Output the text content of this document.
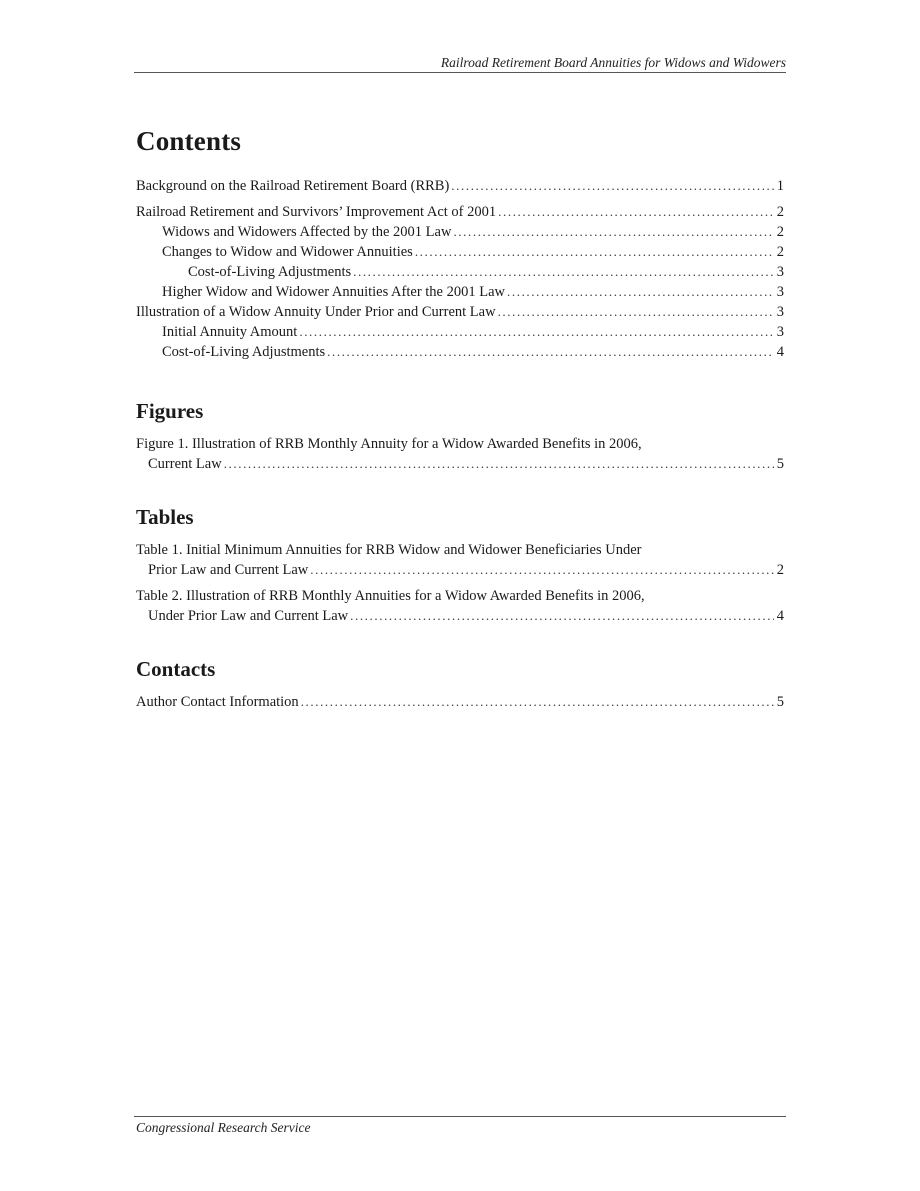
Railroad Retirement Board Annuities for Widows and Widowers
Contents
Background on the Railroad Retirement Board (RRB) .....	1
Railroad Retirement and Survivors’ Improvement Act of 2001 .....	2
Widows and Widowers Affected by the 2001 Law .....	2
Changes to Widow and Widower Annuities .....	2
Cost-of-Living Adjustments .....	3
Higher Widow and Widower Annuities After the 2001 Law .....	3
Illustration of a Widow Annuity Under Prior and Current Law .....	3
Initial Annuity Amount .....	3
Cost-of-Living Adjustments .....	4
Figures
Figure 1. Illustration of RRB Monthly Annuity for a Widow Awarded Benefits in 2006,
Current Law .....	5
Tables
Table 1. Initial Minimum Annuities for RRB Widow and Widower Beneficiaries Under
Prior Law and Current Law .....	2
Table 2. Illustration of RRB Monthly Annuities for a Widow Awarded Benefits in 2006,
Under Prior Law and Current Law .....	4
Contacts
Author Contact Information .....	5
Congressional Research Service
